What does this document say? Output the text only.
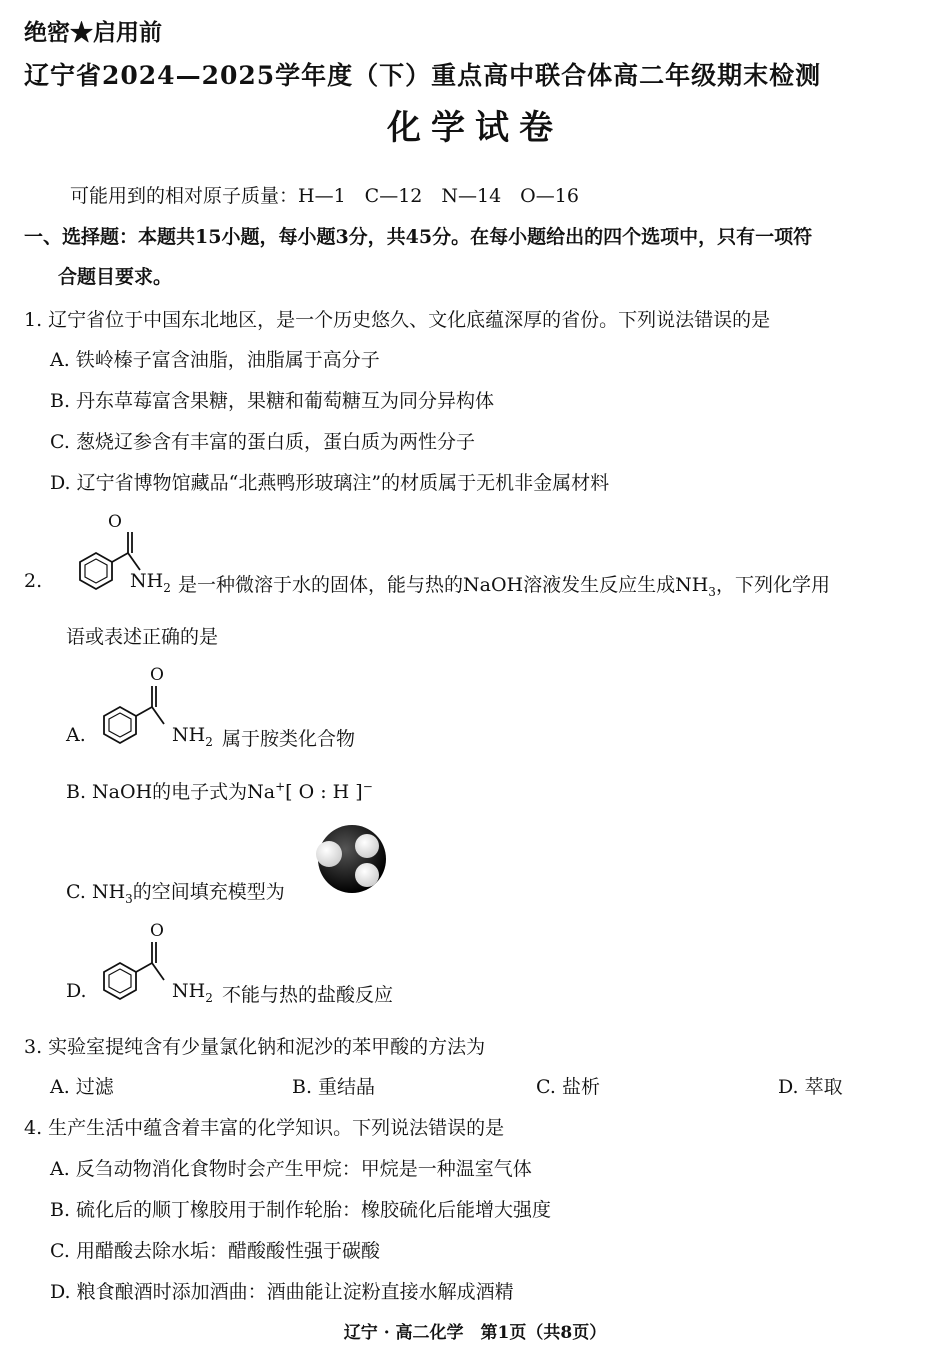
绝密★启用前
辽宁省2024—2025学年度（下）重点高中联合体高二年级期末检测
化学试卷
可能用到的相对原子质量：H—1　C—12　N—14　O—16
一、选择题：本题共15小题，每小题3分，共45分。在每小题给出的四个选项中，只有一项符
合题目要求。
1. 辽宁省位于中国东北地区，是一个历史悠久、文化底蕴深厚的省份。下列说法错误的是
A. 铁岭榛子富含油脂，油脂属于高分子
B. 丹东草莓富含果糖，果糖和葡萄糖互为同分异构体
C. 葱烧辽参含有丰富的蛋白质，蛋白质为两性分子
D. 辽宁省博物馆藏品“北燕鸭形玻璃注”的材质属于无机非金属材料
2.
O
$NH_2$ 是一种微溶于水的固体，能与热的NaOH溶液发生反应生成$NH_3$，下列化学用
语或表述正确的是
A.
O
$NH_2$ 属于胺类化合物
B. NaOH的电子式为Na+[ O : H ]−
C. $NH_3$的空间填充模型为
D.
O
$NH_2$ 不能与热的盐酸反应
3. 实验室提纯含有少量氯化钠和泥沙的苯甲酸的方法为
A. 过滤	B. 重结晶	C. 盐析	D. 萃取
4. 生产生活中蕴含着丰富的化学知识。下列说法错误的是
A. 反刍动物消化食物时会产生甲烷：甲烷是一种温室气体
B. 硫化后的顺丁橡胶用于制作轮胎：橡胶硫化后能增大强度
C. 用醋酸去除水垢：醋酸酸性强于碳酸
D. 粮食酿酒时添加酒曲：酒曲能让淀粉直接水解成酒精
辽宁 · 高二化学　第1页（共8页）
